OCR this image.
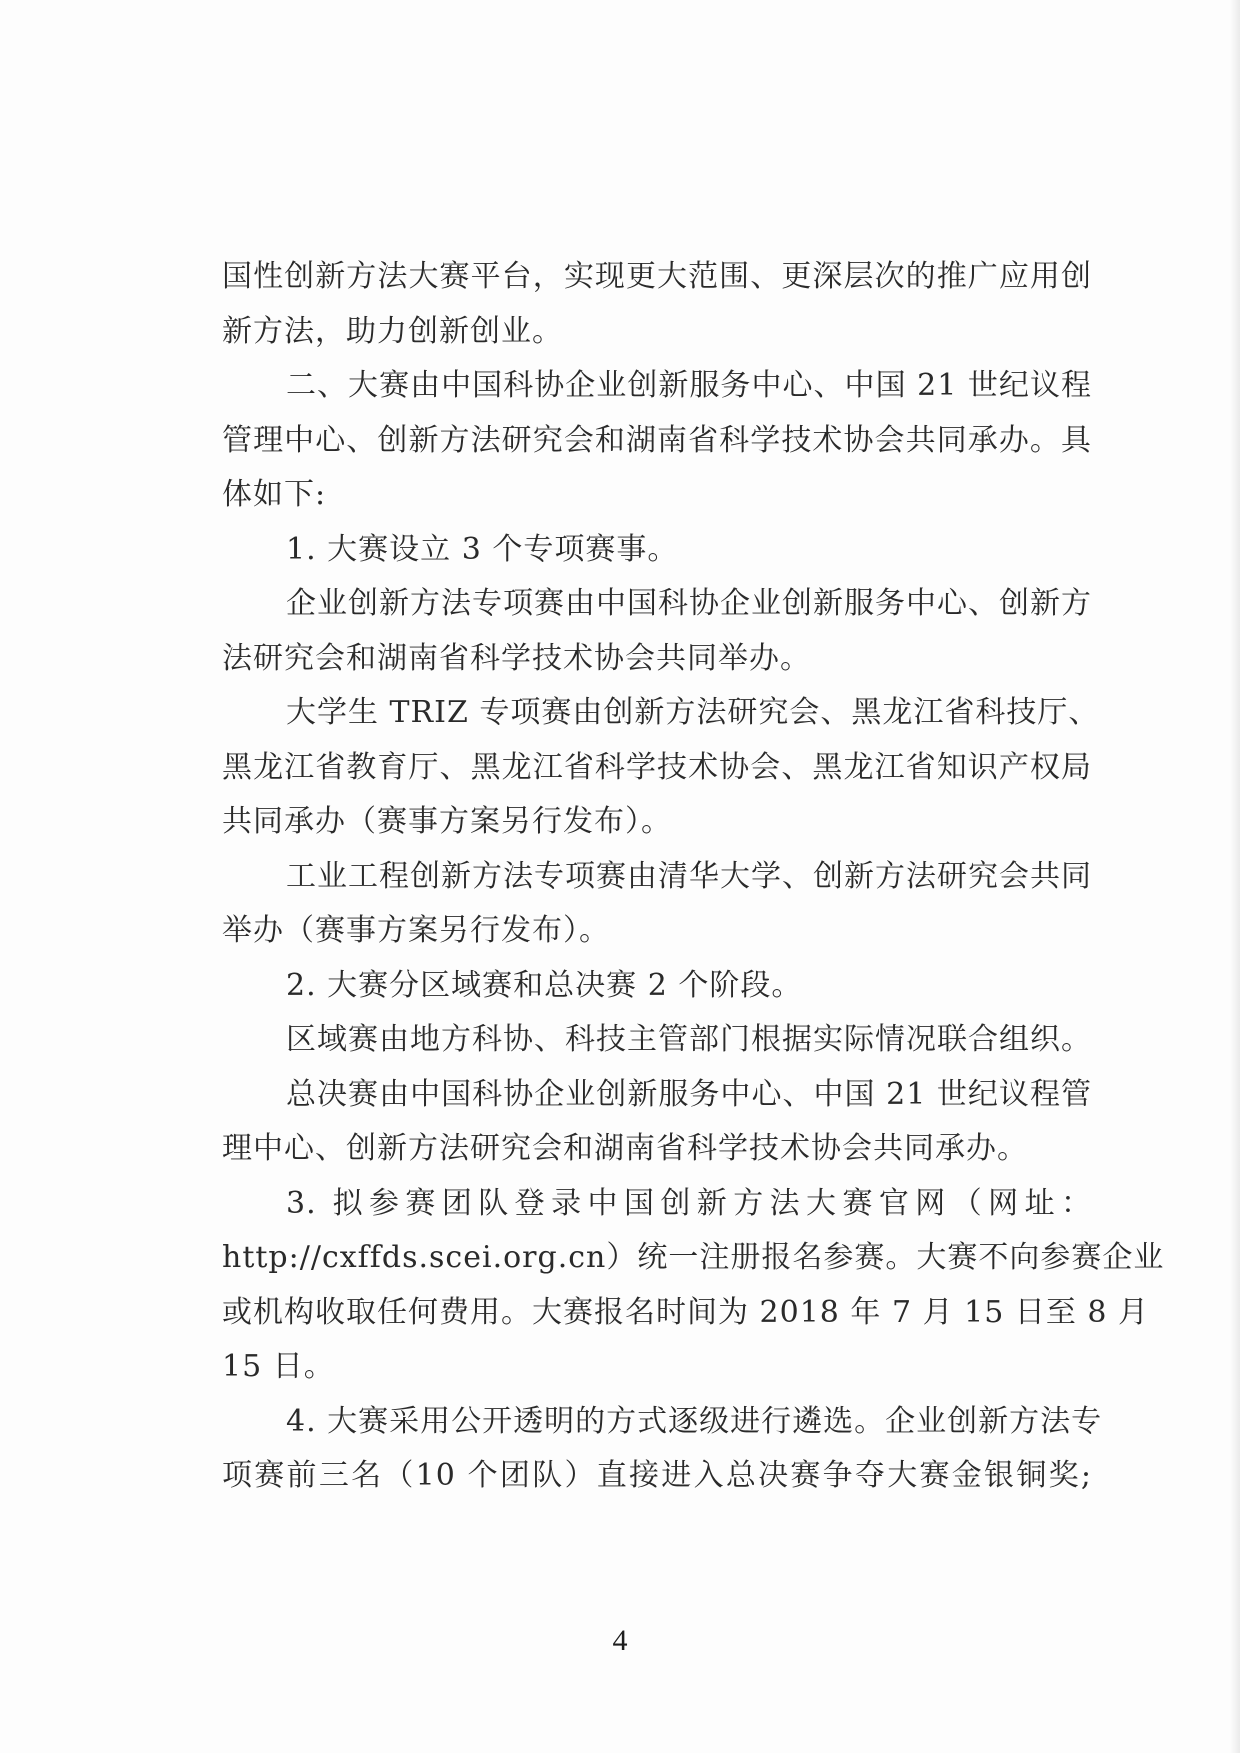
国性创新方法大赛平台，实现更大范围、更深层次的推广应用创
新方法，助力创新创业。
二、大赛由中国科协企业创新服务中心、中国 21 世纪议程
管理中心、创新方法研究会和湖南省科学技术协会共同承办。具
体如下:
1. 大赛设立 3 个专项赛事。
企业创新方法专项赛由中国科协企业创新服务中心、创新方
法研究会和湖南省科学技术协会共同举办。
大学生 TRIZ 专项赛由创新方法研究会、黑龙江省科技厅、
黑龙江省教育厅、黑龙江省科学技术协会、黑龙江省知识产权局
共同承办（赛事方案另行发布）。
工业工程创新方法专项赛由清华大学、创新方法研究会共同
举办（赛事方案另行发布）。
2. 大赛分区域赛和总决赛 2 个阶段。
区域赛由地方科协、科技主管部门根据实际情况联合组织。
总决赛由中国科协企业创新服务中心、中国 21 世纪议程管
理中心、创新方法研究会和湖南省科学技术协会共同承办。
3. 拟参赛团队登录中国创新方法大赛官网（网址：
http://cxffds.scei.org.cn）统一注册报名参赛。大赛不向参赛企业
或机构收取任何费用。大赛报名时间为 2018 年 7 月 15 日至 8 月
15 日。
4. 大赛采用公开透明的方式逐级进行遴选。企业创新方法专
项赛前三名（10 个团队）直接进入总决赛争夺大赛金银铜奖;
4
